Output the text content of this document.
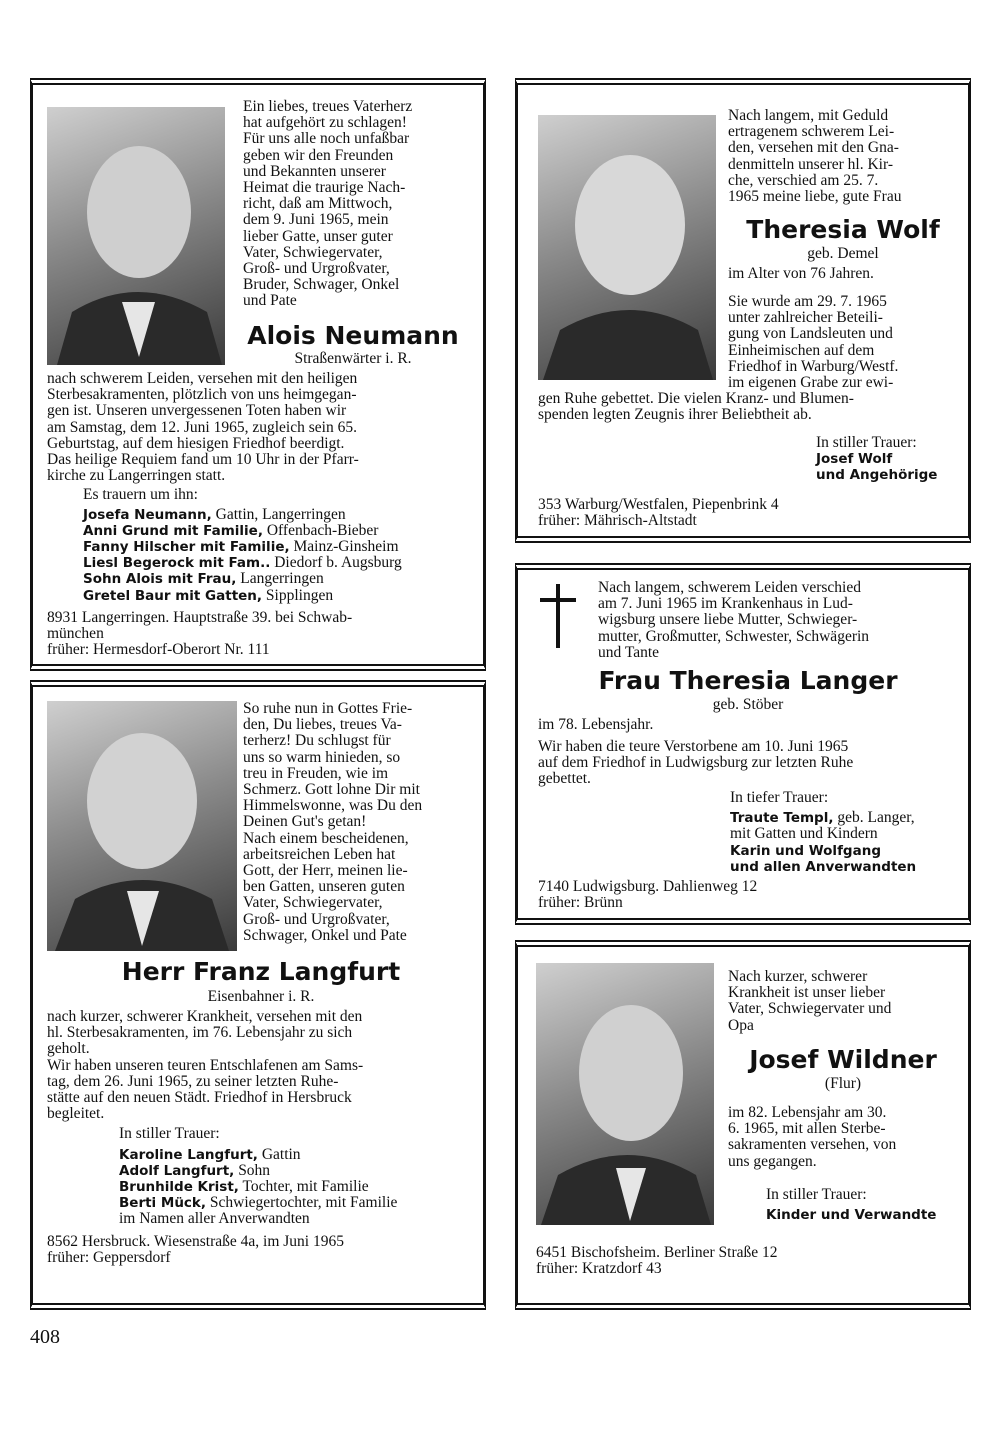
Ein liebes, treues Vaterherz

hat aufgehört zu schlagen!

Für uns alle noch unfaßbar

geben wir den Freunden

und Bekannten unserer

Heimat die traurige Nach-

richt, daß am Mittwoch,

dem 9. Juni 1965, mein

lieber Gatte, unser guter

Vater, Schwiegervater,

Groß- und Urgroßvater,

Bruder, Schwager, Onkel

und Pate

Alois Neumann
Straßenwärter i. R.

nach schwerem Leiden, versehen mit den heiligen

Sterbesakramenten, plötzlich von uns heimgegan-

gen ist. Unseren unvergessenen Toten haben wir

am Samstag, dem 12. Juni 1965, zugleich sein 65.

Geburtstag, auf dem hiesigen Friedhof beerdigt.

Das heilige Requiem fand um 10 Uhr in der Pfarr-

kirche zu Langerringen statt.

Es trauern um ihn:

Josefa Neumann, Gattin, Langerringen

Anni Grund mit Familie, Offenbach-Bieber

Fanny Hilscher mit Familie, Mainz-Ginsheim

Liesl Begerock mit Fam.. Diedorf b. Augsburg

Sohn Alois mit Frau, Langerringen

Gretel Baur mit Gatten, Sipplingen

8931 Langerringen. Hauptstraße 39. bei Schwab-

münchen

früher: Hermesdorf-Oberort Nr. 111

So ruhe nun in Gottes Frie-

den, Du liebes, treues Va-

terherz! Du schlugst für

uns so warm hinieden, so

treu in Freuden, wie im

Schmerz. Gott lohne Dir mit

Himmelswonne, was Du den

Deinen Gut's getan!

Nach einem bescheidenen,

arbeitsreichen Leben hat

Gott, der Herr, meinen lie-

ben Gatten, unseren guten

Vater, Schwiegervater,

Groß- und Urgroßvater,

Schwager, Onkel und Pate

Herr Franz Langfurt
Eisenbahner i. R.

nach kurzer, schwerer Krankheit, versehen mit den

hl. Sterbesakramenten, im 76. Lebensjahr zu sich

geholt.

Wir haben unseren teuren Entschlafenen am Sams-

tag, dem 26. Juni 1965, zu seiner letzten Ruhe-

stätte auf den neuen Städt. Friedhof in Hersbruck

begleitet.

In stiller Trauer:

Karoline Langfurt, Gattin

Adolf Langfurt, Sohn

Brunhilde Krist, Tochter, mit Familie

Berti Mück, Schwiegertochter, mit Familie

im Namen aller Anverwandten

8562 Hersbruck. Wiesenstraße 4a, im Juni 1965

früher: Geppersdorf

Nach langem, mit Geduld

ertragenem schwerem Lei-

den, versehen mit den Gna-

denmitteln unserer hl. Kir-

che, verschied am 25. 7.

1965 meine liebe, gute Frau

Theresia Wolf
geb. Demel
im Alter von 76 Jahren.

Sie wurde am 29. 7. 1965

unter zahlreicher Beteili-

gung von Landsleuten und

Einheimischen auf dem

Friedhof in Warburg/Westf.

im eigenen Grabe zur ewi-

gen Ruhe gebettet. Die vielen Kranz- und Blumen-

spenden legten Zeugnis ihrer Beliebtheit ab.

In stiller Trauer:

Josef Wolf

und Angehörige

353 Warburg/Westfalen, Piepenbrink 4

früher: Mährisch-Altstadt

Nach langem, schwerem Leiden verschied

am 7. Juni 1965 im Krankenhaus in Lud-

wigsburg unsere liebe Mutter, Schwieger-

mutter, Großmutter, Schwester, Schwägerin

und Tante

Frau Theresia Langer
geb. Stöber
im 78. Lebensjahr.

Wir haben die teure Verstorbene am 10. Juni 1965

auf dem Friedhof in Ludwigsburg zur letzten Ruhe

gebettet.

In tiefer Trauer:

Traute Templ, geb. Langer,

mit Gatten und Kindern

Karin und Wolfgang

und allen Anverwandten

7140 Ludwigsburg. Dahlienweg 12

früher: Brünn

Nach kurzer, schwerer

Krankheit ist unser lieber

Vater, Schwiegervater und

Opa

Josef Wildner
(Flur)

im 82. Lebensjahr am 30.

6. 1965, mit allen Sterbe-

sakramenten versehen, von

uns gegangen.

In stiller Trauer:

Kinder und Verwandte

6451 Bischofsheim. Berliner Straße 12

früher: Kratzdorf 43

408
